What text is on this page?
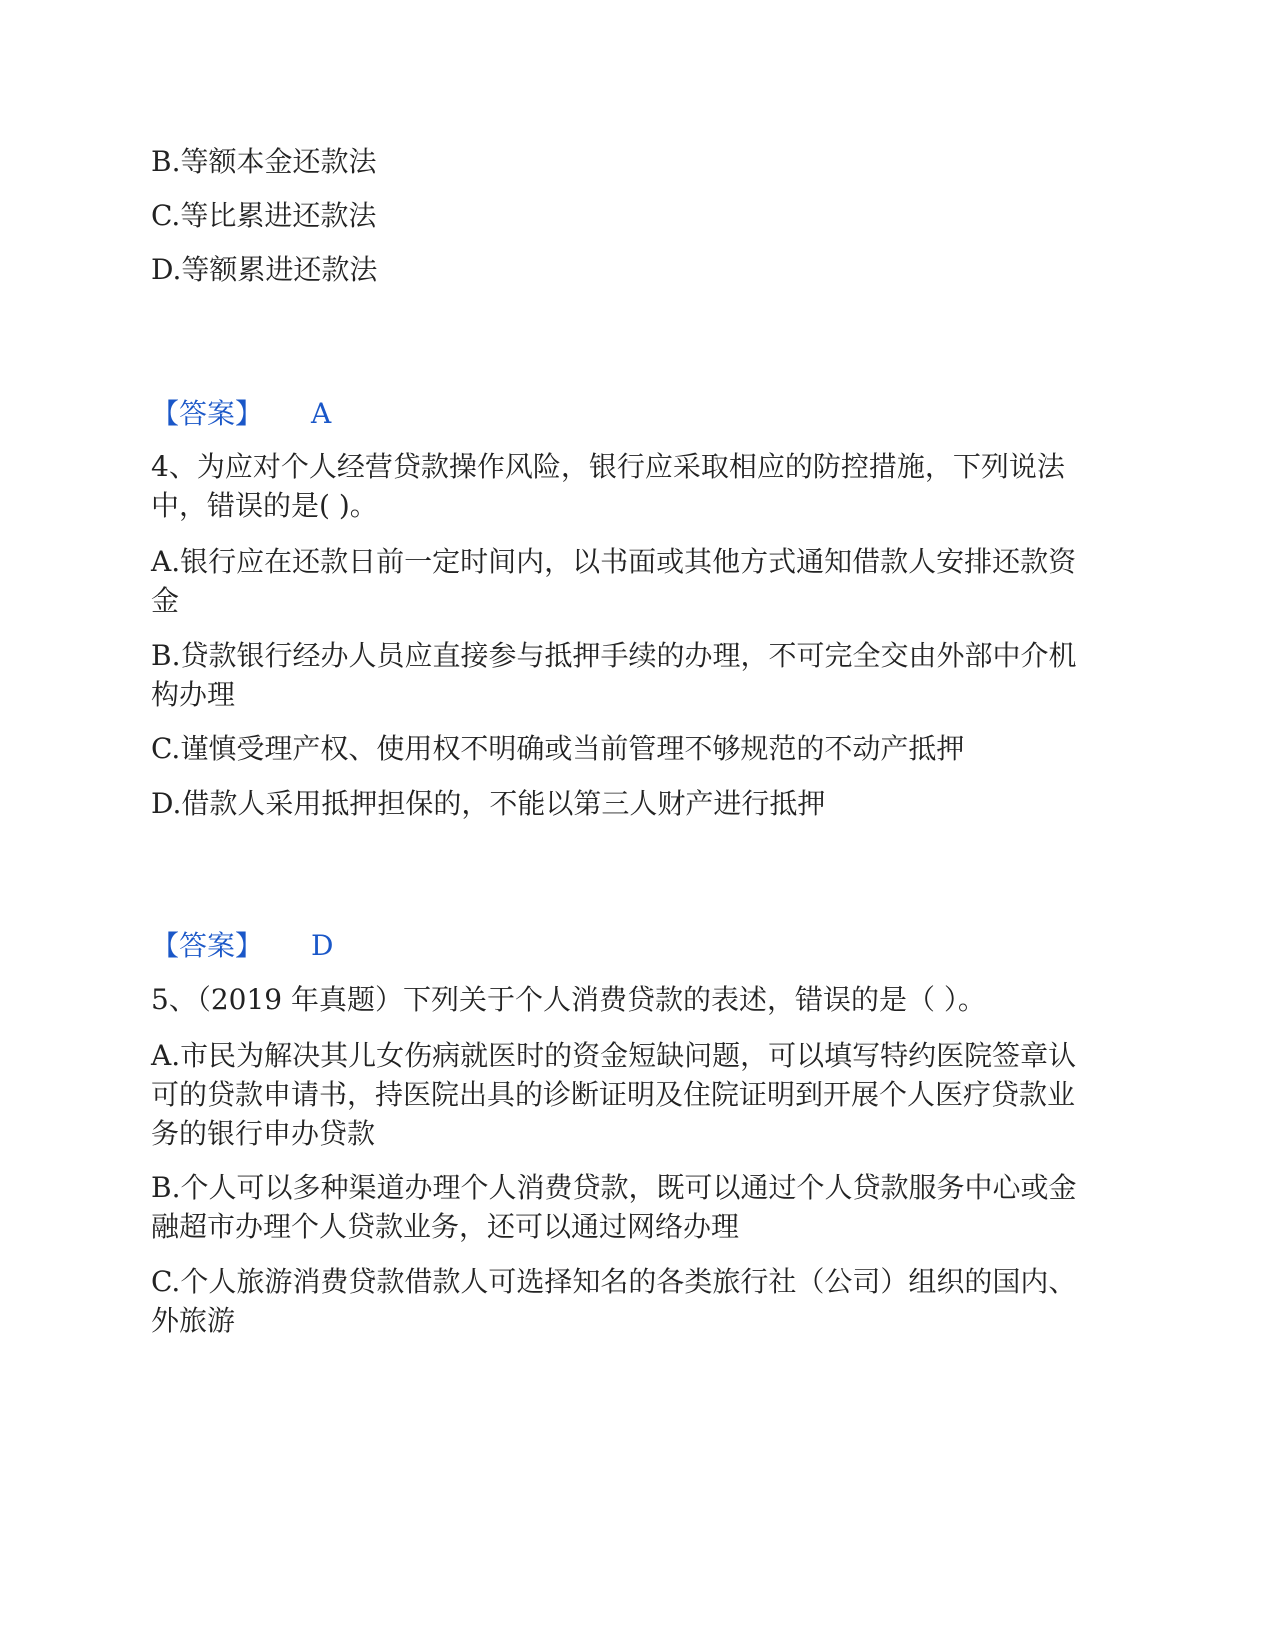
B.等额本金还款法

C.等比累进还款法

D.等额累进还款法

【答案】 A

4、为应对个人经营贷款操作风险，银行应采取相应的防控措施，下列说法

中，错误的是( )。

A.银行应在还款日前一定时间内，以书面或其他方式通知借款人安排还款资

金

B.贷款银行经办人员应直接参与抵押手续的办理，不可完全交由外部中介机

构办理

C.谨慎受理产权、使用权不明确或当前管理不够规范的不动产抵押

D.借款人采用抵押担保的，不能以第三人财产进行抵押

【答案】 D

5、（2019 年真题）下列关于个人消费贷款的表述，错误的是（ ）。

A.市民为解决其儿女伤病就医时的资金短缺问题，可以填写特约医院签章认

可的贷款申请书，持医院出具的诊断证明及住院证明到开展个人医疗贷款业

务的银行申办贷款

B.个人可以多种渠道办理个人消费贷款，既可以通过个人贷款服务中心或金

融超市办理个人贷款业务，还可以通过网络办理

C.个人旅游消费贷款借款人可选择知名的各类旅行社（公司）组织的国内、

外旅游
